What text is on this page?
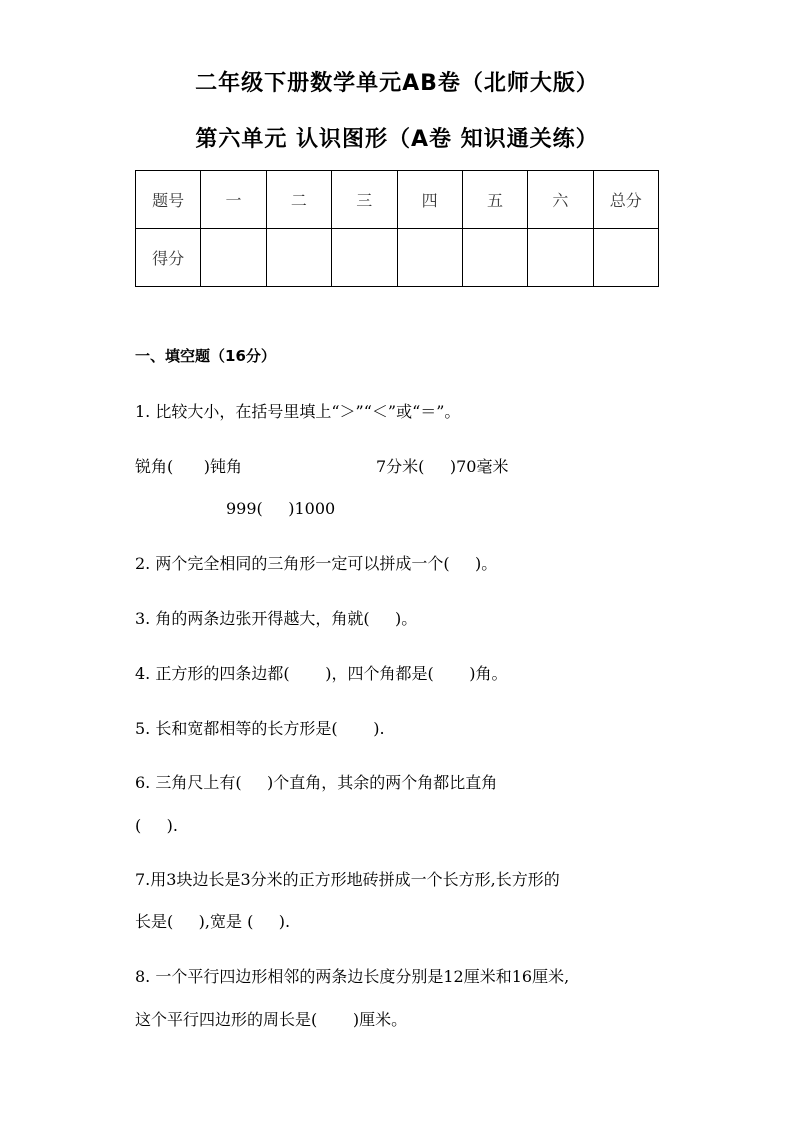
二年级下册数学单元AB卷（北师大版）
第六单元 认识图形（A卷 知识通关练）
题号	一	二	三	四	五	六	总分
得分							
一、填空题（16分）
1. 比较大小，在括号里填上“＞”“＜”或“＝”。
锐角(      )钝角	7分米(     )70毫米
999(     )1000
2. 两个完全相同的三角形一定可以拼成一个(     )。
3. 角的两条边张开得越大，角就(     )。
4. 正方形的四条边都(       )，四个角都是(       )角。
5. 长和宽都相等的长方形是(       ).
6. 三角尺上有(     )个直角，其余的两个角都比直角
(     ).
7.用3块边长是3分米的正方形地砖拼成一个长方形,长方形的
长是(     ),宽是 (     ).
8. 一个平行四边形相邻的两条边长度分别是12厘米和16厘米,
这个平行四边形的周长是(       )厘米。
